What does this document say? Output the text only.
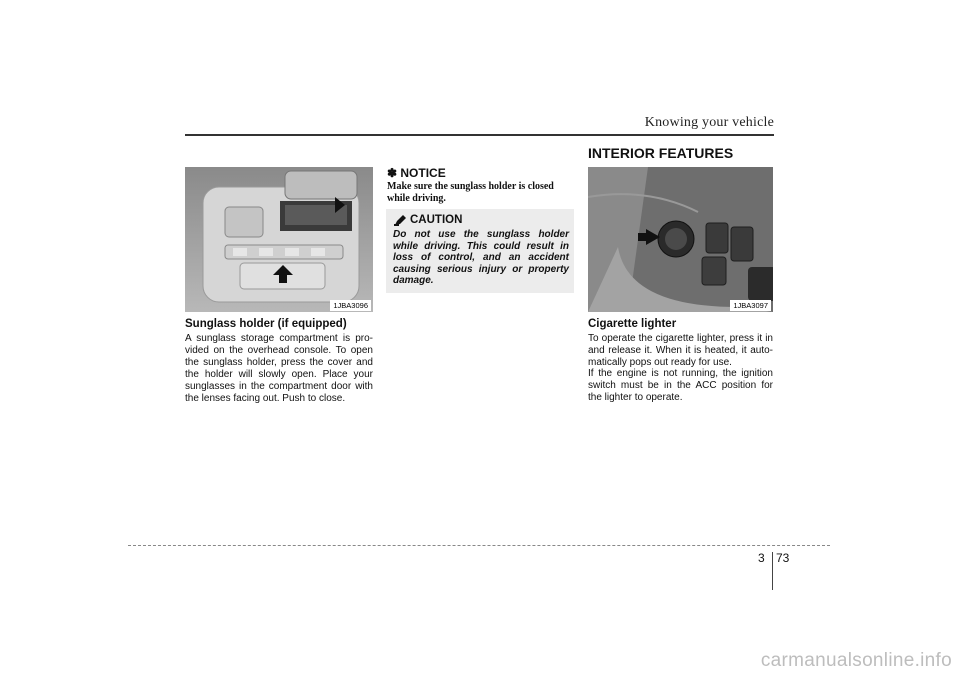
Knowing your vehicle
1JBA3096
Sunglass holder (if equipped)
A sunglass storage compartment is pro-vided on the overhead console. To open the sunglass holder, press the cover and the holder will slowly open. Place your sunglasses in the compartment door with the lenses facing out. Push to close.
✽ NOTICE
Make sure the sunglass holder is closed while driving.
CAUTION
Do not use the sunglass holder while driving. This could result in loss of control, and an accident causing serious injury or property damage.
INTERIOR FEATURES
1JBA3097
Cigarette lighter
To operate the cigarette lighter, press it in and release it. When it is heated, it auto-matically pops out ready for use.
If the engine is not running, the ignition switch must be in the ACC position for the lighter to operate.
3 73
carmanualsonline.info
